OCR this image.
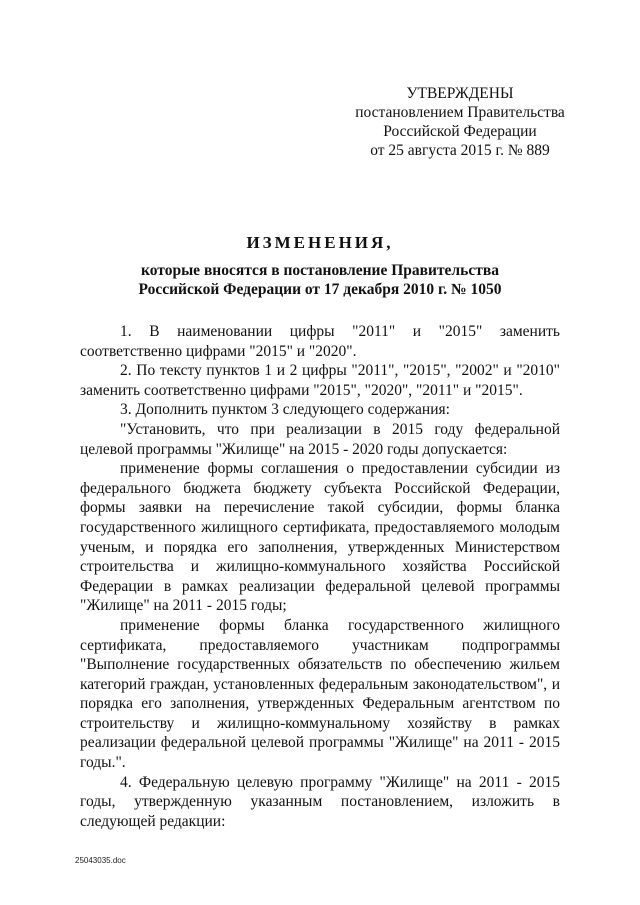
УТВЕРЖДЕНЫ
постановлением Правительства
Российской Федерации
от 25 августа 2015 г. № 889
ИЗМЕНЕНИЯ,
которые вносятся в постановление Правительства
Российской Федерации от 17 декабря 2010 г. № 1050

1. В наименовании цифры "2011" и "2015" заменить соответственно цифрами "2015" и "2020".

2. По тексту пунктов 1 и 2 цифры "2011", "2015", "2002" и "2010" заменить соответственно цифрами "2015", "2020", "2011" и "2015".

3. Дополнить пунктом 3 следующего содержания:

"Установить, что при реализации в 2015 году федеральной целевой программы "Жилище" на 2015 - 2020 годы допускается:

применение формы соглашения о предоставлении субсидии из федерального бюджета бюджету субъекта Российской Федерации, формы заявки на перечисление такой субсидии, формы бланка государственного жилищного сертификата, предоставляемого молодым ученым, и порядка его заполнения, утвержденных Министерством строительства и жилищно-коммунального хозяйства Российской Федерации в рамках реализации федеральной целевой программы "Жилище" на 2011 - 2015 годы;

применение формы бланка государственного жилищного сертификата, предоставляемого участникам подпрограммы "Выполнение государственных обязательств по обеспечению жильем категорий граждан, установленных федеральным законодательством", и порядка его заполнения, утвержденных Федеральным агентством по строительству и жилищно-коммунальному хозяйству в рамках реализации федеральной целевой программы "Жилище" на 2011 - 2015 годы.".

4. Федеральную целевую программу "Жилище" на 2011 - 2015 годы, утвержденную указанным постановлением, изложить в следующей редакции:

25043035.doc
